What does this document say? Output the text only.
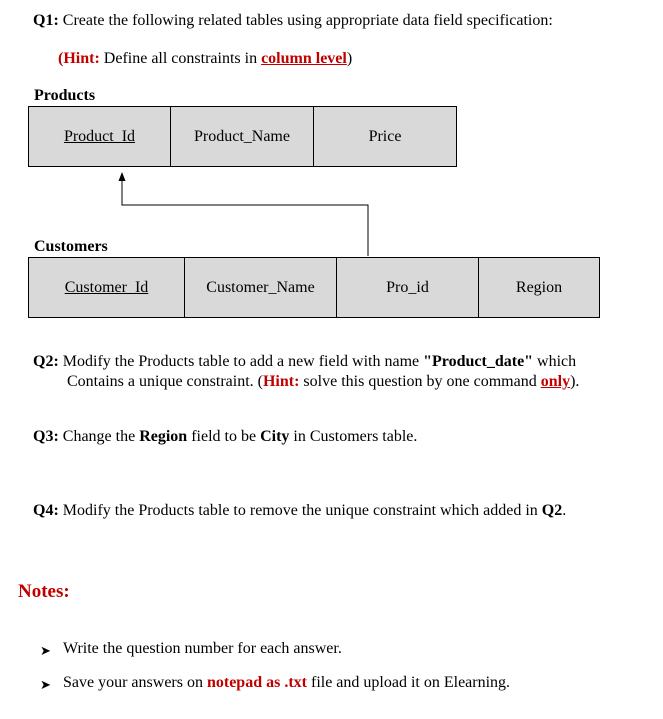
Q1: Create the following related tables using appropriate data field specification:
(Hint: Define all constraints in column level)
Products
Product_Id	Product_Name	Price
Customers
Customer_Id	Customer_Name	Pro_id	Region
Q2: Modify the Products table to add a new field with name "Product_date" which
Contains a unique constraint. (Hint: solve this question by one command only).
Q3: Change the Region field to be City in Customers table.
Q4: Modify the Products table to remove the unique constraint which added in Q2.
Notes:
➤ Write the question number for each answer.
➤ Save your answers on notepad as .txt file and upload it on Elearning.
